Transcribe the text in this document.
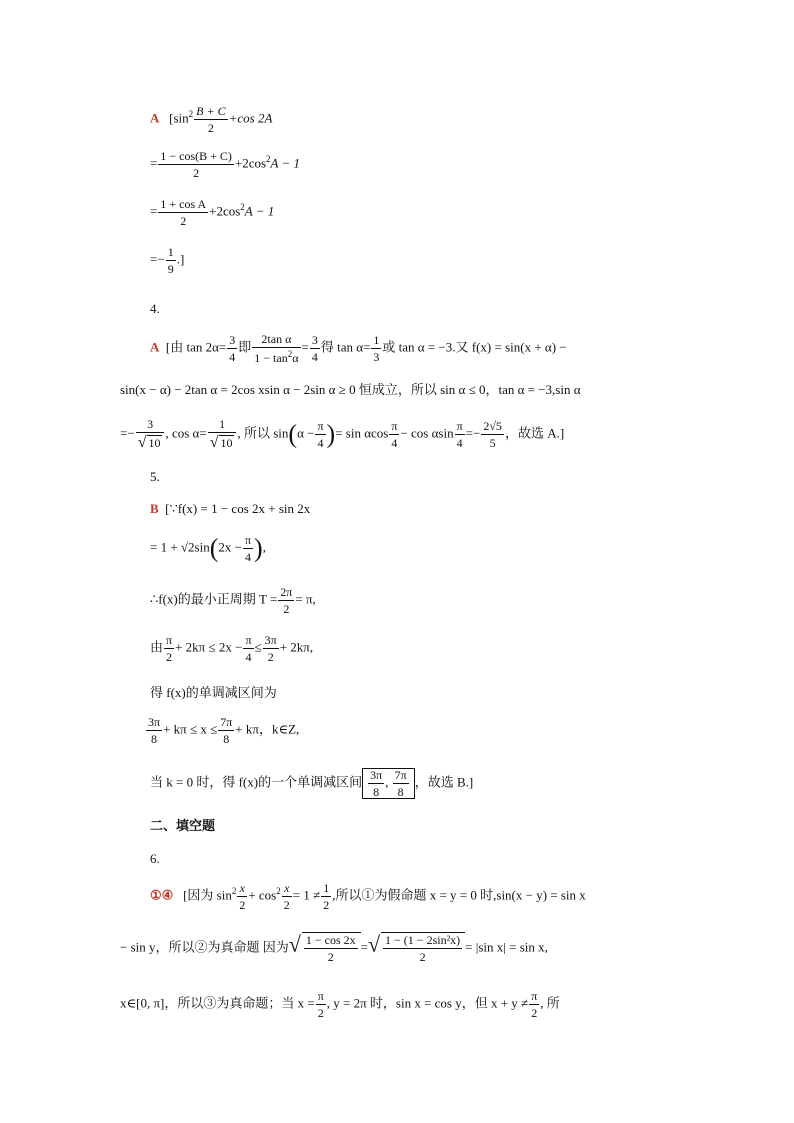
A [$\sin^2 \frac{B + C}{2} +\cos$ 2A
= $\frac{1 - \cos(B + C)}{2} +2\cos^2A - 1$
= $\frac{\text{1 + cos A}}{2} +2\cos^2A - 1$
=− $\frac{1}{9}$ .]
4.
A [由 $\tan 2\alpha= \frac{3}{4}$ 即 $\frac{\text{2tan α}}{1 - \tan^2\alpha} = \frac{3}{4}$ 得 $\tan \alpha= \frac{1}{3}$ 或 tan α = −3.又 f(x) = sin(x + α) −
sin(x − α) − 2tan α = 2cos xsin α − 2sin α ≥ 0 恒成立，所以 sin α ≤ 0，tan α = −3,sin α
=− $\frac{3}{√ 10}$ , $\cos \alpha= \frac{1}{√ 10}$ , 所以 $\sin(\alpha - \frac{\pi}{4}$ )= sin αcos $\frac{\pi}{4} - \cos \alpha\sin \frac{\pi}{4} =- \frac{2√5}{5}$ ，故选 A.]
5.
B [∵f(x) = 1 − cos 2x + sin 2x
= $1 + √2\sin(2x - \frac{\pi}{4}$ ),
∴f(x)的最小正周期 $T = \frac{2\pi}{2} = \pi$,
由 $\frac{\pi}{2} + 2k\pi \le 2x - \frac{\pi}{4} \le \frac{3\pi}{2} + 2k\pi$,
得 f(x)的单调减区间为
$\frac{3\pi}{8} + k\pi \le x \le \frac{7\pi}{8} + k\pi$，k∈Z,
当 k = 0 时，得 f(x)的一个单调减区间 $\frac{3\pi}{8}$ , $\frac{7\pi}{8}$ ，故选 B.]
二、填空题
6.
①④ [因为 $\sin^2 \frac{x}{2} + \cos^2 \frac{x}{2} = 1 \ne \frac{1}{2}$ ,所以①为假命题 x = y = 0 时,sin(x − y) = sin x
− sin y，所以②为真命题 因为√ $\frac{1 - \cos 2x}{2}$ =√ $\frac{\text{1 − (1 − 2sin²x)}}{2} = |\sin$ x| = sin x,
x∈[0, π]，所以③为真命题；当 $x = \frac{\pi}{2}$ , y = 2π 时，sin x = cos y，但 $x + y \ne \frac{\pi}{2}$ , 所
